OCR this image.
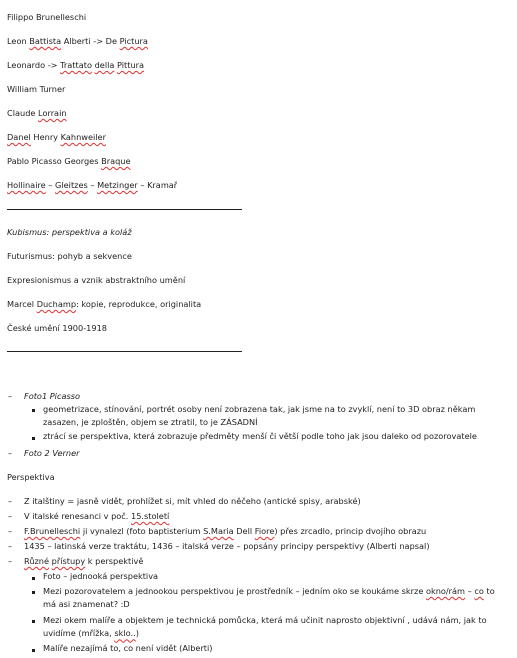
Filippo Brunelleschi
Leon Battista Alberti -> De Pictura
Leonardo -> Trattato della Pittura
William Turner
Claude Lorrain
Danel Henry Kahnweiler
Pablo Picasso Georges Braque
Hollinaire – Gleitzes – Metzinger – Kramař
Kubismus: perspektiva a koláž
Futurismus: pohyb a sekvence
Expresionismus a vznik abstraktního umění
Marcel Duchamp: kopie, reprodukce, originalita
České umění 1900-1918
– Foto1 Picasso
geometrizace, stínování, portrét osoby není zobrazena tak, jak jsme na to zvyklí, není to 3D obraz někam
zasazen, je zploštěn, objem se ztratil, to je ZÁSADNÍ
ztrácí se perspektiva, která zobrazuje předměty menší či větší podle toho jak jsou daleko od pozorovatele
– Foto 2 Verner
Perspektiva
– Z italštiny = jasně vidět, prohlížet si, mít vhled do něčeho (antické spisy, arabské)
– V italské renesanci v poč. 15.století
– F.Brunelleschi ji vynalezl (foto baptisterium S.Maria Dell Fiore) přes zrcadlo, princip dvojího obrazu
– 1435 – latinská verze traktátu, 1436 – italská verze – popsány principy perspektivy (Alberti napsal)
– Různé přístupy k perspektivě
Foto – jednooká perspektiva
Mezi pozorovatelem a jednookou perspektivou je prostředník – jedním oko se koukáme skrze okno/rám – co to
má asi znamenat? :D
Mezi okem malíře a objektem je technická pomůcka, která má učinit naprosto objektivní , udává nám, jak to
uvidíme (mřížka, sklo..)
Malíře nezajímá to, co není vidět (Alberti)
